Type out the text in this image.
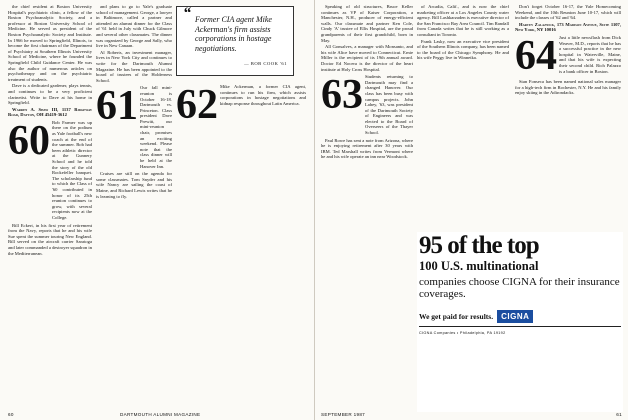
the chief resident at Boston University Hospital's psychiatric clinic, a fellow of the Boston Psychoanalytic Society, and a professor at Boston University School of Medicine. He served as president of the Boston Psychoanalytic Society and Institute. In 1966 he moved to Springfield, Illinois, to become the first chairman of the Department of Psychiatry at Southern Illinois University School of Medicine, where he founded the Springfield Child Guidance Center. He was also the author of numerous articles on psychotherapy and on the psychiatric treatment of students.

Dave is a dedicated gardener, plays tennis, and continues to be a very proficient clarinetist. Write to Dave at his home in Springfield.

Warren A. Shaw III, 1137 Ridgeway Road, Dayton, OH 45419-3612

60 Bob Farmer was up there on the podium as Yale football's new coach at the end of the summer. Bob had been athletic director at the Gunnery School and he told the story of the old Rockefeller banquet. The scholarship fund to which the Class of '60 contributed in honor of its 25th reunion continues to grow, with several recipients now at the College.

Bill Eckert, in his first year of retirement from the Navy, reports that he and his wife Sue spent the summer touring New England. Bill served on the aircraft carrier Saratoga and later commanded a destroyer squadron in the Mediterranean.

and plans to go to Yale's graduate school of management. George, a lawyer in Baltimore, called a partner and attended an alumni dinner for the Class of '61 held in July with Chuck Gilmore and several other classmates. The dinner was organized by George and Sally, who live in New Canaan.

Al Roberts, an investment manager, lives in New York City and continues to write for the Dartmouth Alumni Magazine. He has been appointed to the board of trustees of the Holderness School.

61 Our fall mini-reunion is October 16-18. Dartmouth vs. Princeton. Class president Dave Prewitt, our mini-reunion chair, promises an exciting weekend. Please note that the class dinner will be held at the Hanover Inn.

Cruises are still on the agenda for some classmates. Tom Snyder and his wife Nancy are sailing the coast of Maine, and Richard Lewis writes that he is learning to fly.

“ Former CIA agent Mike Ackerman's firm assists corporations in hostage negotiations.
— BOB COOK '61
62 Mike Ackerman, a former CIA agent, continues to run his firm, which assists corporations in hostage negotiations and kidnap response throughout Latin America.
60	DARTMOUTH ALUMNI MAGAZINE

Speaking of old structures, Bruce Keller continues as VP of Kaiser Corporation, a Manchester, N.H., producer of energy-efficient walls. Our classmate and partner Ken Cole, Cindy 'A' trustee of Ellis Hospital, are the proud grandparents of their first grandchild, born in May.

All Gonsalves, a manager with Monsanto, and his wife Alice have moved to Connecticut. Ernie Miller is the recipient of its 19th annual award. Doctor Ed Nocera is the director of the heart institute at Holy Cross Hospital.

63 Students returning to Dartmouth may find a changed Hanover. Our class has been busy with campus projects. John Lahey, '63, was president of the Dartmouth Society of Engineers and was elected to the Board of Overseers of the Thayer School.

Paul Rowe has sent a note from Arizona, where he is enjoying retirement after 30 years with IBM. Ted Marshall writes from Vermont where he and his wife operate an inn near Woodstock.

of Arcadia, Calif., and is now the chief marketing officer at a Los Angeles County water agency. Bill Lashkarzaden is executive director of the San Francisco Bay Area Council. Tim Randall from Canada writes that he is still working as a consultant in Toronto.

Frank Lasky, now an executive vice president of the Southern Illinois company, has been named to the board of the Chicago Symphony. He and his wife Peggy live in Winnetka.

Don't forget October 16-17, the Yale Homecoming Weekend, and the 10th Reunion June 10-17, which will include the classes of '62 and '64.

Harvey Zalaznick, 173 Madison Avenue, Suite 1107, New York, NY 10016

64 Just a little newsflash from Dick Weaver, M.D., reports that he has a successful practice in the new hospital in Waterville, Maine, and that his wife is expecting their second child. Rich Palazzo is a bank officer in Boston.

Stan Fonseca has been named national sales manager for a high-tech firm in Rochester, N.Y. He and his family enjoy skiing in the Adirondacks.

95 of the top
100 U.S. multinational
companies choose CIGNA for their insurance coverages.
We get paid for results.	CIGNA
CIGNA Companies • Philadelphia, PA 19192
SEPTEMBER 1987	61
